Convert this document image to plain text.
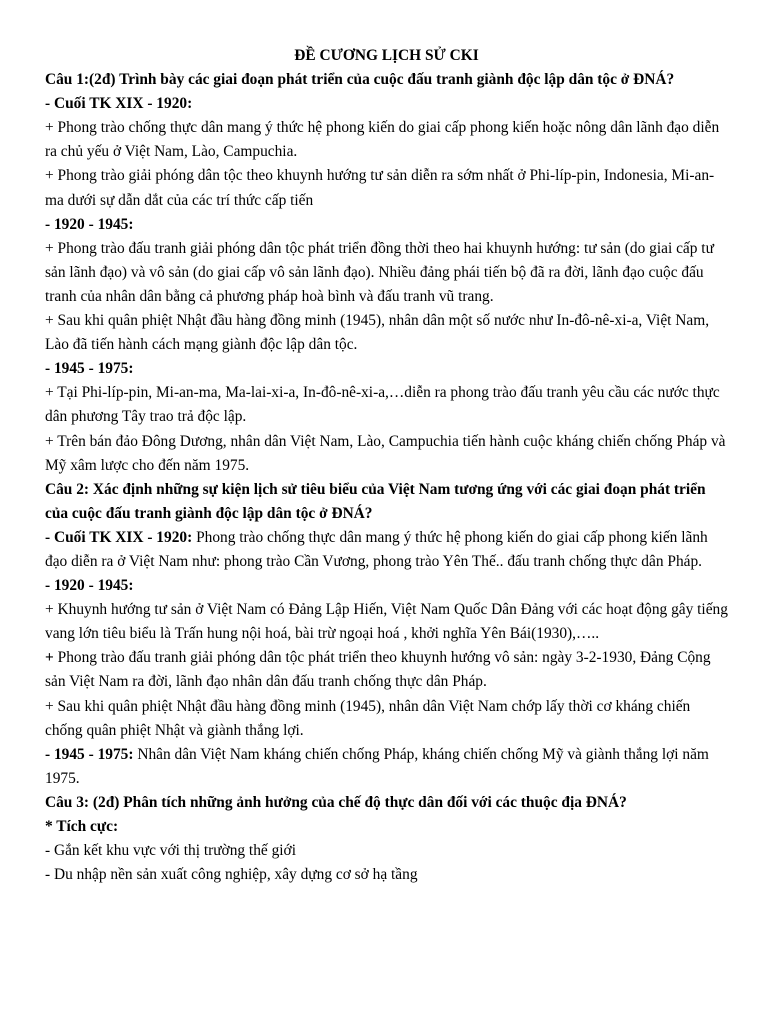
ĐỀ CƯƠNG LỊCH SỬ CKI

Câu 1:(2đ) Trình bày các giai đoạn phát triển của cuộc đấu tranh giành độc lập dân tộc ở ĐNÁ?

- Cuối TK XIX - 1920:

+ Phong trào chống thực dân mang ý thức hệ phong kiến do giai cấp phong kiến hoặc nông dân lãnh đạo diễn ra chủ yếu ở Việt Nam, Lào, Campuchia.

+ Phong trào giải phóng dân tộc theo khuynh hướng tư sản diễn ra sớm nhất ở Phi-líp-pin, Indonesia, Mi-an-ma dưới sự dẫn dắt của các trí thức cấp tiến

- 1920 - 1945:

+ Phong trào đấu tranh giải phóng dân tộc phát triển đồng thời theo hai khuynh hướng: tư sản (do giai cấp tư sản lãnh đạo) và vô sản (do giai cấp vô sản lãnh đạo). Nhiều đảng phái tiến bộ đã ra đời, lãnh đạo cuộc đấu tranh của nhân dân bằng cả phương pháp hoà bình và đấu tranh vũ trang.

+ Sau khi quân phiệt Nhật đầu hàng đồng minh (1945), nhân dân một số nước như In-đô-nê-xi-a, Việt Nam, Lào đã tiến hành cách mạng giành độc lập dân tộc.

- 1945 - 1975:

+ Tại Phi-líp-pin, Mi-an-ma, Ma-lai-xi-a, In-đô-nê-xi-a,…diễn ra phong trào đấu tranh yêu cầu các nước thực dân phương Tây trao trả độc lập.

+ Trên bán đảo Đông Dương, nhân dân Việt Nam, Lào, Campuchia tiến hành cuộc kháng chiến chống Pháp và Mỹ xâm lược cho đến năm 1975.

Câu 2: Xác định những sự kiện lịch sử tiêu biểu của Việt Nam tương ứng với các giai đoạn phát triển của cuộc đấu tranh giành độc lập dân tộc ở ĐNÁ?

- Cuối TK XIX - 1920: Phong trào chống thực dân mang ý thức hệ phong kiến do giai cấp phong kiến lãnh đạo diễn ra ở Việt Nam như: phong trào Cần Vương, phong trào Yên Thế.. đấu tranh chống thực dân Pháp.

- 1920 - 1945:

+ Khuynh hướng tư sản ở Việt Nam có Đảng Lập Hiến, Việt Nam Quốc Dân Đảng với các hoạt động gây tiếng vang lớn tiêu biểu là Trấn hung nội hoá, bài trừ ngoại hoá , khởi nghĩa Yên Bái(1930),…..

+ Phong trào đấu tranh giải phóng dân tộc phát triển theo khuynh hướng vô sản: ngày 3-2-1930, Đảng Cộng sản Việt Nam ra đời, lãnh đạo nhân dân đấu tranh chống thực dân Pháp.

+ Sau khi quân phiệt Nhật đầu hàng đồng minh (1945), nhân dân Việt Nam chớp lấy thời cơ kháng chiến chống quân phiệt Nhật và giành thắng lợi.

- 1945 - 1975: Nhân dân Việt Nam kháng chiến chống Pháp, kháng chiến chống Mỹ và giành thắng lợi năm 1975.

Câu 3: (2đ) Phân tích những ảnh hưởng của chế độ thực dân đối với các thuộc địa ĐNÁ?

* Tích cực:

- Gắn kết khu vực với thị trường thế giới

- Du nhập nền sản xuất công nghiệp, xây dựng cơ sở hạ tầng
